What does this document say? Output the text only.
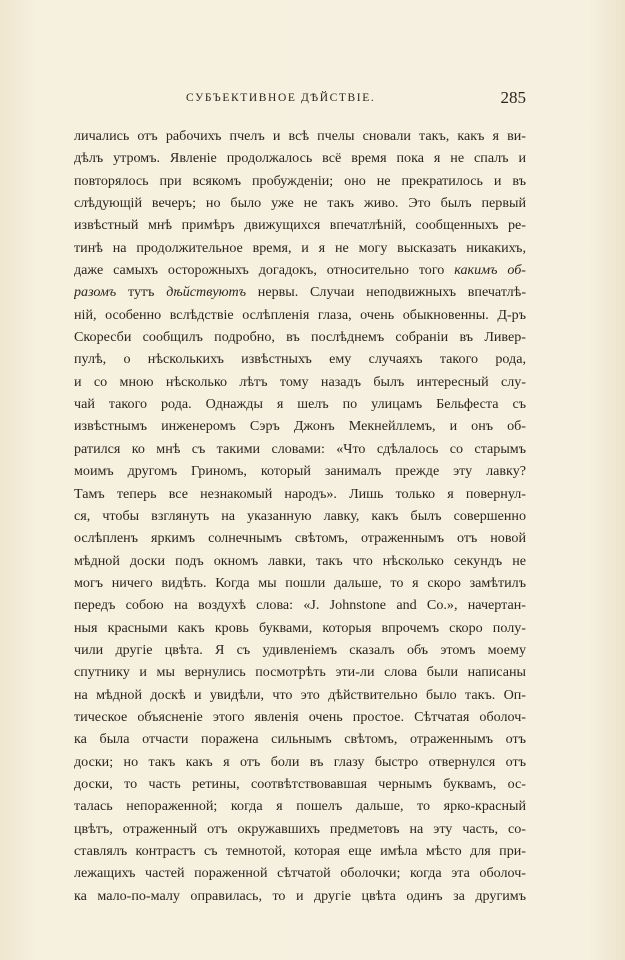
СУБЪЕКТИВНОЕ ДѢЙСТВІЕ.	285
личались отъ рабочихъ пчелъ и всѣ пчелы сновали такъ, какъ я ви-
дѣлъ утромъ. Явленіе продолжалось всё время пока я не спалъ и
повторялось при всякомъ пробужденіи; оно не прекратилось и въ
слѣдующій вечеръ; но было уже не такъ живо. Это былъ первый
извѣстный мнѣ примѣръ движущихся впечатлѣній, сообщенныхъ ре-
тинѣ на продолжительное время, и я не могу высказать никакихъ,
даже самыхъ осторожныхъ догадокъ, относительно того какимъ об-
разомъ тутъ дѣйствуютъ нервы. Случаи неподвижныхъ впечатлѣ-
ній, особенно вслѣдствіе ослѣпленія глаза, очень обыкновенны. Д-ръ
Скоресби сообщилъ подробно, въ послѣднемъ собраніи въ Ливер-
пулѣ, о нѣсколькихъ извѣстныхъ ему случаяхъ такого рода,
и со мною нѣсколько лѣтъ тому назадъ былъ интересный слу-
чай такого рода. Однажды я шелъ по улицамъ Бельфеста съ
извѣстнымъ инженеромъ Сэръ Джонъ Мекнейллемъ, и онъ об-
ратился ко мнѣ съ такими словами: «Что сдѣлалось со старымъ
моимъ другомъ Гриномъ, который занималъ прежде эту лавку?
Тамъ теперь все незнакомый народъ». Лишь только я повернул-
ся, чтобы взглянуть на указанную лавку, какъ былъ совершенно
ослѣпленъ яркимъ солнечнымъ свѣтомъ, отраженнымъ отъ новой
мѣдной доски подъ окномъ лавки, такъ что нѣсколько секундъ не
могъ ничего видѣть. Когда мы пошли дальше, то я скоро замѣтилъ
передъ собою на воздухѣ слова: «J. Johnstone and Co.», начертан-
ныя красными какъ кровь буквами, которыя впрочемъ скоро полу-
чили другіе цвѣта. Я съ удивленіемъ сказалъ объ этомъ моему
спутнику и мы вернулись посмотрѣть эти-ли слова были написаны
на мѣдной доскѣ и увидѣли, что это дѣйствительно было такъ. Оп-
тическое объясненіе этого явленія очень простое. Сѣтчатая оболоч-
ка была отчасти поражена сильнымъ свѣтомъ, отраженнымъ отъ
доски; но такъ какъ я отъ боли въ глазу быстро отвернулся отъ
доски, то часть ретины, соотвѣтствовавшая чернымъ буквамъ, ос-
талась непораженной; когда я пошелъ дальше, то ярко-красный
цвѣтъ, отраженный отъ окружавшихъ предметовъ на эту часть, со-
ставлялъ контрастъ съ темнотой, которая еще имѣла мѣсто для при-
лежащихъ частей пораженной сѣтчатой оболочки; когда эта оболоч-
ка мало-по-малу оправилась, то и другіе цвѣта одинъ за другимъ
